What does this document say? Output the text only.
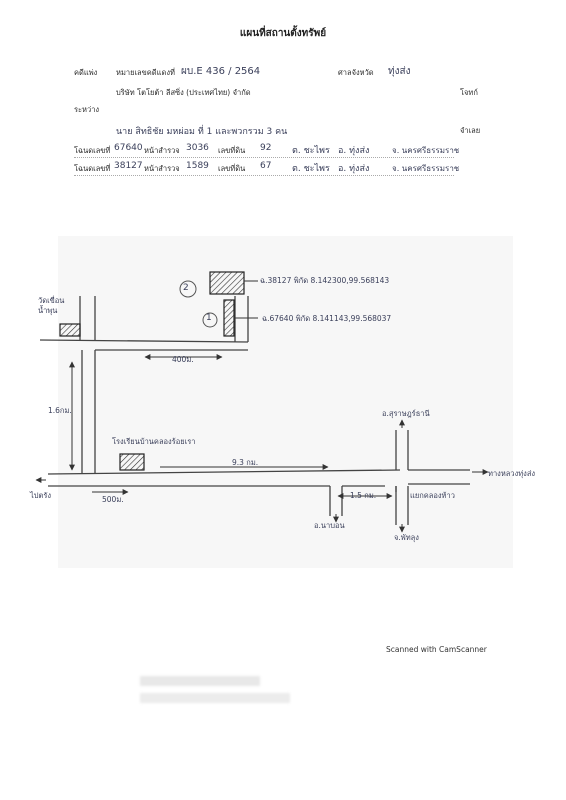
แผนที่สถานตั้งทรัพย์
คดีแพ่ง หมายเลขคดีแดงที่ ผบ.E 436 / 2564	ศาลจังหวัด ทุ่งส่ง
บริษัท โตโยต้า ลีสซิ่ง (ประเทศไทย) จำกัด	โจทก์
ระหว่าง
นาย สิทธิชัย มหผ่อม ที่ 1 และพวกรวม 3 คน	จำเลย
โฉนดเลขที่ 67640 หน้าสำรวจ 3036 เลขที่ดิน 92 ต. ชะไพร อ. ทุ่งส่ง	จ. นครศรีธรรมราช
โฉนดเลขที่ 38127 หน้าสำรวจ 1589 เลขที่ดิน 67 ต. ชะไพร อ. ทุ่งส่ง	จ. นครศรีธรรมราช
2
1
ฉ.38127 พิกัด 8.142300,99.568143
ฉ.67640 พิกัด 8.141143,99.568037
วัดเขื่อน
น้ำพุน
400ม.
1.6กม.
โรงเรียนบ้านคลองร้อยเรา
9.3 กม.
500ม.
ไปตรัง
อ.นาบอน
1.5 กม.
อ.สุราษฎร์ธานี
ทางหลวงทุ่งส่ง
แยกคลองท้าว
จ.พัทลุง
Scanned with CamScanner
